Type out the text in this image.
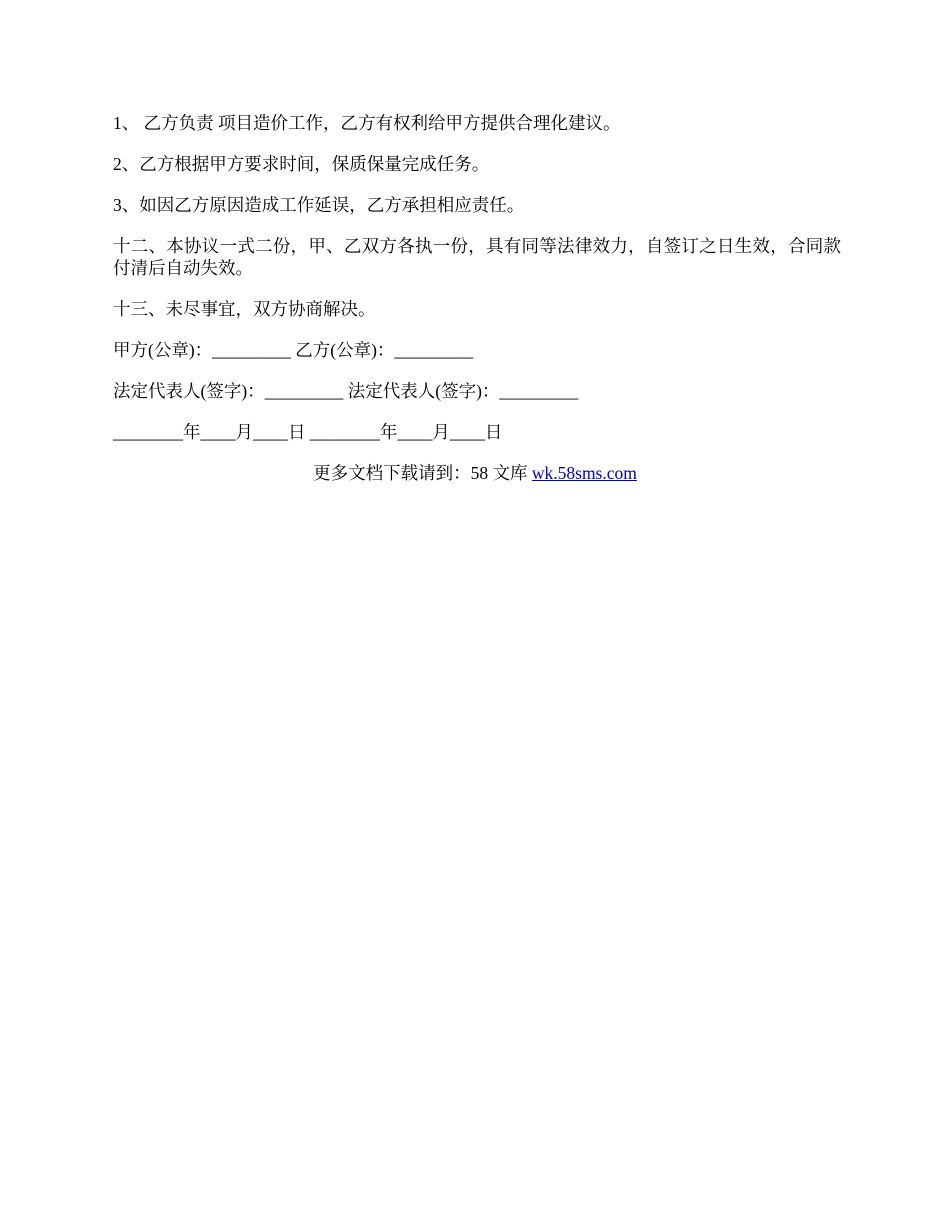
1、 乙方负责 项目造价工作，乙方有权利给甲方提供合理化建议。

2、乙方根据甲方要求时间，保质保量完成任务。

3、如因乙方原因造成工作延误，乙方承担相应责任。

十二、本协议一式二份，甲、乙双方各执一份，具有同等法律效力，自签订之日生效，合同款付清后自动失效。

十三、未尽事宜，双方协商解决。

甲方(公章)：_________ 乙方(公章)：_________

法定代表人(签字)：_________ 法定代表人(签字)：_________

________年____月____日 ________年____月____日

更多文档下载请到：58 文库 wk.58sms.com
